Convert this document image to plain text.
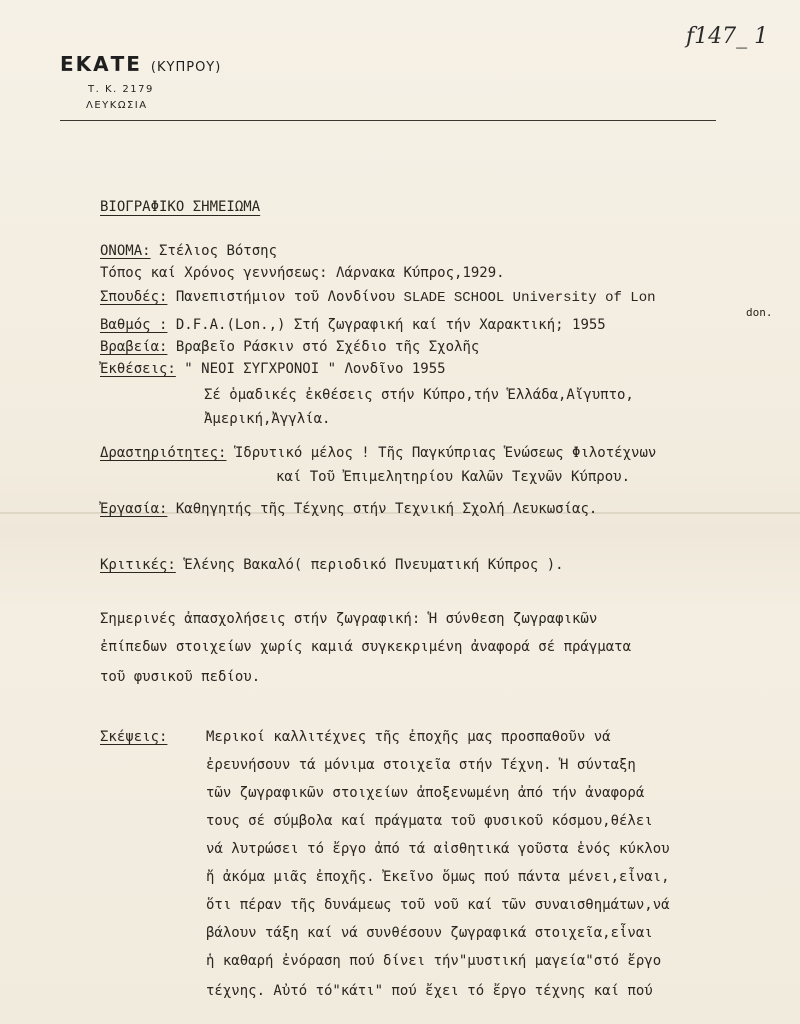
ΕΚΑΤΕ (ΚΥΠΡΟΥ)
Τ. Κ. 2179
ΛΕΥΚΩΣΙΑ
f147_ 1
ΒΙΟΓΡΑΦΙΚΟ ΣΗΜΕΙΩΜΑ
ΟΝΟΜΑ: Στέλιος Βότσης
Τόπος καί Χρόνος γεννήσεως: Λάρνακα Κύπρος,1929.
Σπουδές: Πανεπιστήμιον τοῦ Λονδίνου SLADE SCHOOL University of Lon
don.
Βαθμός : D.F.A.(Lon.,) Στή ζωγραφική καί τήν Χαρακτική; 1955
Βραβεία: Βραβεῖο Ράσκιν στό Σχέδιο τῆς Σχολῆς
Ἐκθέσεις: " ΝΕΟΙ ΣΥΓΧΡΟΝΟΙ " Λονδῖνο 1955
Σέ ὁμαδικές ἐκθέσεις στήν Κύπρο,τήν Ἑλλάδα,Αἴγυπτο,
Ἀμερική,Ἀγγλία.
Δραστηριότητες: Ἱδρυτικό μέλος ! Τῆς Παγκύπριας Ἑνώσεως Φιλοτέχνων
καί Τοῦ Ἐπιμελητηρίου Καλῶν Τεχνῶν Κύπρου.
Ἐργασία: Καθηγητής τῆς Τέχνης στήν Τεχνική Σχολή Λευκωσίας.
Κριτικές: Ἑλένης Βακαλό( περιοδικό Πνευματική Κύπρος ).
Σημερινές ἀπασχολήσεις στήν ζωγραφική: Ἡ σύνθεση ζωγραφικῶν
ἐπίπεδων στοιχείων χωρίς καμιά συγκεκριμένη ἀναφορά σέ πράγματα
τοῦ φυσικοῦ πεδίου.
Σκέψεις:	Μερικοί καλλιτέχνες τῆς ἐποχῆς μας προσπαθοῦν νά
ἐρευνήσουν τά μόνιμα στοιχεῖα στήν Τέχνη. Ἡ σύνταξη
τῶν ζωγραφικῶν στοιχείων ἀποξενωμένη ἀπό τήν ἀναφορά
τους σέ σύμβολα καί πράγματα τοῦ φυσικοῦ κόσμου,θέλει
νά λυτρώσει τό ἔργο ἀπό τά αἰσθητικά γοῦστα ἑνός κύκλου
ἤ ἀκόμα μιᾶς ἐποχῆς. Ἐκεῖνο ὅμως πού πάντα μένει,εἶναι,
ὅτι πέραν τῆς δυνάμεως τοῦ νοῦ καί τῶν συναισθημάτων,νά
βάλουν τάξη καί νά συνθέσουν ζωγραφικά στοιχεῖα,εἶναι
ἡ καθαρή ἐνόραση πού δίνει τήν"μυστική μαγεία"στό ἔργο
τέχνης. Αὐτό τό"κάτι" πού ἔχει τό ἔργο τέχνης καί πού
